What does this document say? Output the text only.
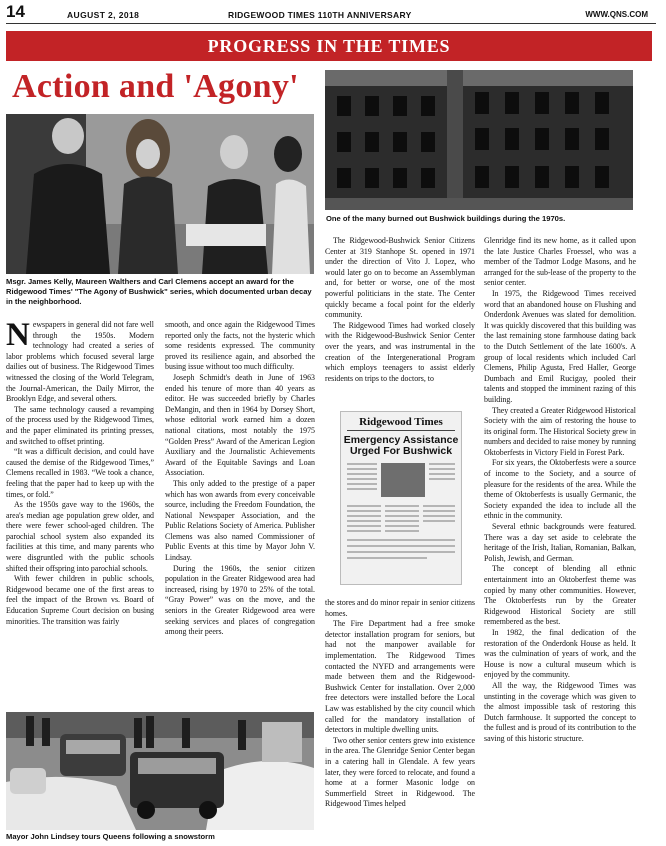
14	AUGUST 2, 2018	RIDGEWOOD TIMES 110TH ANNIVERSARY	WWW.QNS.COM
PROGRESS IN THE TIMES
Action and 'Agony'
Msgr. James Kelly, Maureen Walthers and Carl Clemens accept an award for the Ridgewood Times' "The Agony of Bushwick" series, which documented urban decay in the neighborhood.
One of the many burned out Bushwick buildings during the 1970s.

Newspapers in general did not fare well through the 1950s. Modern technology had created a series of labor problems which focused several large dailies out of business. The Ridgewood Times witnessed the closing of the World Telegram, the Journal-American, the Daily Mirror, the Brooklyn Edge, and several others.

The same technology caused a revamping of the process used by the Ridgewood Times, and the paper eliminated its printing presses, and switched to offset printing.

“It was a difficult decision, and could have caused the demise of the Ridgewood Times,” Clemens recalled in 1983. “We took a chance, feeling that the paper had to keep up with the times, or fold.”

As the 1950s gave way to the 1960s, the area's median age population grew older, and there were fewer school-aged children. The parochial school system also expanded its facilities at this time, and many parents who were disgruntled with the public schools shifted their offspring into parochial schools.

With fewer children in public schools, Ridgewood became one of the first areas to feel the impact of the Brown vs. Board of Education Supreme Court decision on busing minorities. The transition was fairly

smooth, and once again the Ridgewood Times reported only the facts, not the hysteric which some residents expressed. The community proved its resilience again, and absorbed the busing issue without too much difficulty.

Joseph Schmidt's death in June of 1963 ended his tenure of more than 40 years as editor. He was succeeded briefly by Charles DeMangin, and then in 1964 by Dorsey Short, whose editorial work earned him a dozen national citations, most notably the 1975 “Golden Press” Award of the American Legion Auxiliary and the Journalistic Achievements Award of the Equitable Savings and Loan Association.

This only added to the prestige of a paper which has won awards from every conceivable source, including the Freedom Foundation, the National Newspaper Association, and the Public Relations Society of America. Publisher Clemens was also named Commissioner of Public Events at this time by Mayor John V. Lindsay.

During the 1960s, the senior citizen population in the Greater Ridgewood area had increased, rising by 1970 to 25% of the total. “Gray Power” was on the move, and the seniors in the Greater Ridgewood area were seeking services and places of congregation among their peers.

The Ridgewood-Bushwick Senior Citizens Center at 319 Stanhope St. opened in 1971 under the direction of Vito J. Lopez, who would later go on to become an Assemblyman and, for better or worse, one of the most powerful politicians in the state. The Center quickly became a focal point for the elderly community.

The Ridgewood Times had worked closely with the Ridgewood-Bushwick Senior Center over the years, and was instrumental in the creation of the Intergenerational Program which employs teenagers to assist elderly residents on trips to the doctors, to

Ridgewood Times
Emergency Assistance Urged For Bushwick

the stores and do minor repair in senior citizens homes.

The Fire Department had a free smoke detector installation program for seniors, but had not the manpower available for implementation. The Ridgewood Times contacted the NYFD and arrangements were made between them and the Ridgewood-Bushwick Center for installation. Over 2,000 free detectors were installed before the Local Law was established by the city council which called for the mandatory installation of detectors in multiple dwelling units.

Two other senior centers grew into existence in the area. The Glenridge Senior Center began in a catering hall in Glendale. A few years later, they were forced to relocate, and found a home at a former Masonic lodge on Summerfield Street in Ridgewood. The Ridgewood Times helped

Glenridge find its new home, as it called upon the late Justice Charles Froessel, who was a member of the Tadmor Lodge Masons, and he arranged for the sub-lease of the property to the senior center.

In 1975, the Ridgewood Times received word that an abandoned house on Flushing and Onderdonk Avenues was slated for demolition. It was quickly discovered that this building was the last remaining stone farmhouse dating back to the Dutch Settlement of the late 1600's. A group of local residents which included Carl Clemens, Philip Agusta, Fred Haller, George Dumbach and Emil Rucigay, pooled their talents and stopped the imminent razing of this building.

They created a Greater Ridgewood Historical Society with the aim of restoring the house to its original form. The Historical Society grew in numbers and decided to raise money by running Oktoberfests in Victory Field in Forest Park.

For six years, the Oktoberfests were a source of income to the Society, and a source of pleasure for the residents of the area. While the theme of Oktoberfests is usually Germanic, the Society expanded the idea to include all the ethnic in the community.

Several ethnic backgrounds were featured. There was a day set aside to celebrate the heritage of the Irish, Italian, Romanian, Balkan, Polish, Jewish, and German.

The concept of blending all ethnic entertainment into an Oktoberfest theme was copied by many other communities. However, The Oktoberfests run by the Greater Ridgewood Historical Society are still remembered as the best.

In 1982, the final dedication of the restoration of the Onderdonk House as held. It was the culmination of years of work, and the House is now a cultural museum which is enjoyed by the community.

All the way, the Ridgewood Times was unstinting in the coverage which was given to the almost impossible task of restoring this Dutch farmhouse. It supported the concept to the fullest and is proud of its contribution to the saving of this historic structure.

Mayor John Lindsey tours Queens following a snowstorm
